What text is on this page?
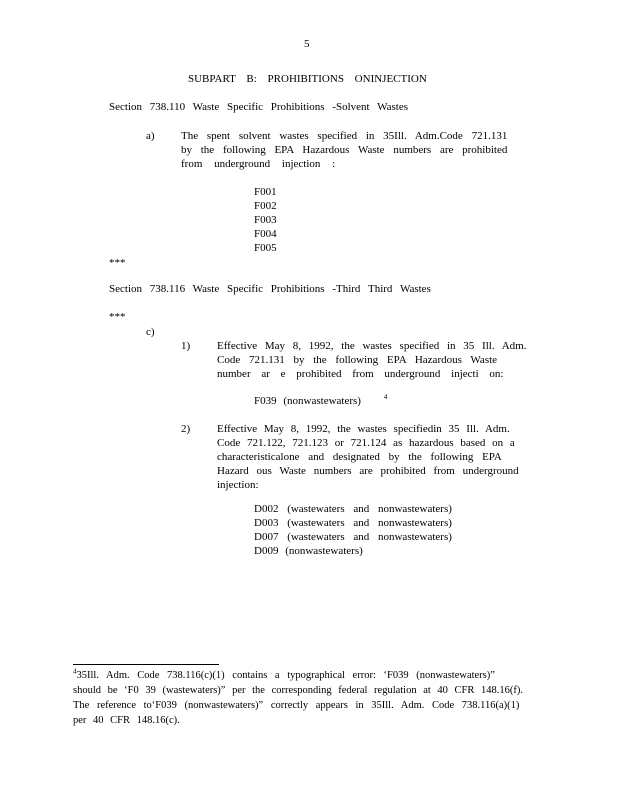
5
SUBPART B: PROHIBITIONS ONINJECTION
Section 738.110 Waste Specific Prohibitions -Solvent Wastes
a) The spent solvent wastes specified in 35Ill. Adm.Code 721.131
by the following EPA Hazardous Waste numbers are prohibited
from underground injection :
F001
F002
F003
F004
F005
***
Section 738.116 Waste Specific Prohibitions -Third Third Wastes
***
c)
1) Effective May 8, 1992, the wastes specified in 35 Ill. Adm.
Code 721.131 by the following EPA Hazardous Waste
number ar e prohibited from underground injecti on:
F039 (nonwastewaters)	$^4$
2) Effective May 8, 1992, the wastes specifiedin 35 Ill. Adm.
Code 721.122, 721.123 or 721.124 as hazardous based on a
characteristicalone and designated by the following EPA
Hazard ous Waste numbers are prohibited from underground
injection:
D002 (wastewaters and nonwastewaters)
D003 (wastewaters and nonwastewaters)
D007 (wastewaters and nonwastewaters)
D009 (nonwastewaters)
$^4$35Ill. Adm. Code 738.116(c)(1) contains a typographical error: ‘F039 (nonwastewaters)”
should be ‘F0 39 (wastewaters)” per the corresponding federal regulation at 40 CFR 148.16(f).
The reference to‘F039 (nonwastewaters)” correctly appears in 35Ill. Adm. Code 738.116(a)(1)
per 40 CFR 148.16(c).
